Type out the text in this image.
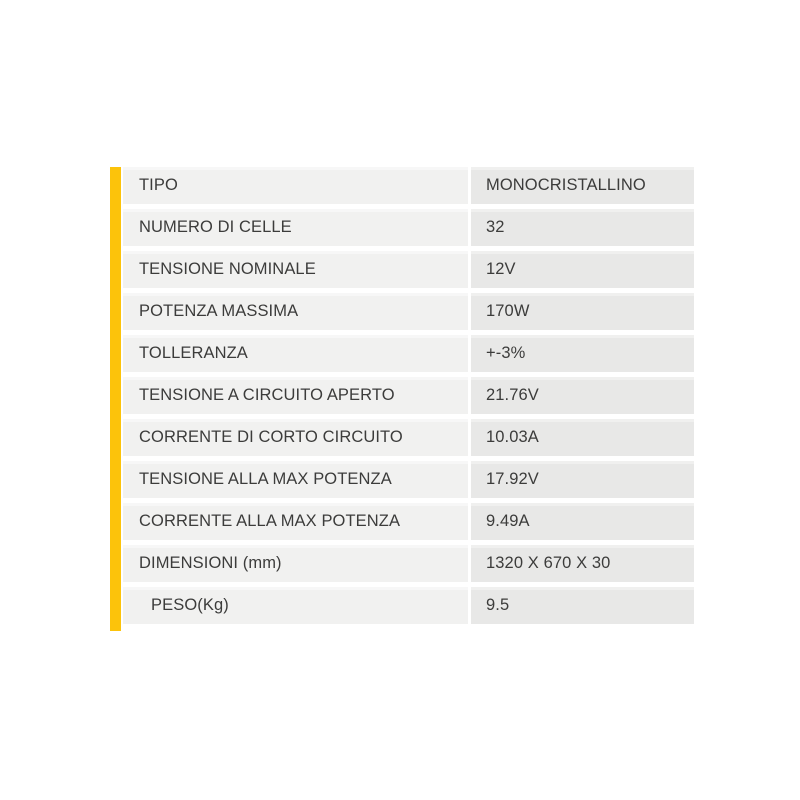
TIPO	MONOCRISTALLINO
NUMERO DI CELLE	32
TENSIONE NOMINALE	12V
POTENZA MASSIMA	170W
TOLLERANZA	+-3%
TENSIONE A CIRCUITO APERTO	21.76V
CORRENTE DI CORTO CIRCUITO	10.03A
TENSIONE ALLA MAX POTENZA	17.92V
CORRENTE ALLA MAX POTENZA	9.49A
DIMENSIONI (mm)	1320 X 670 X 30
PESO(Kg)	9.5
